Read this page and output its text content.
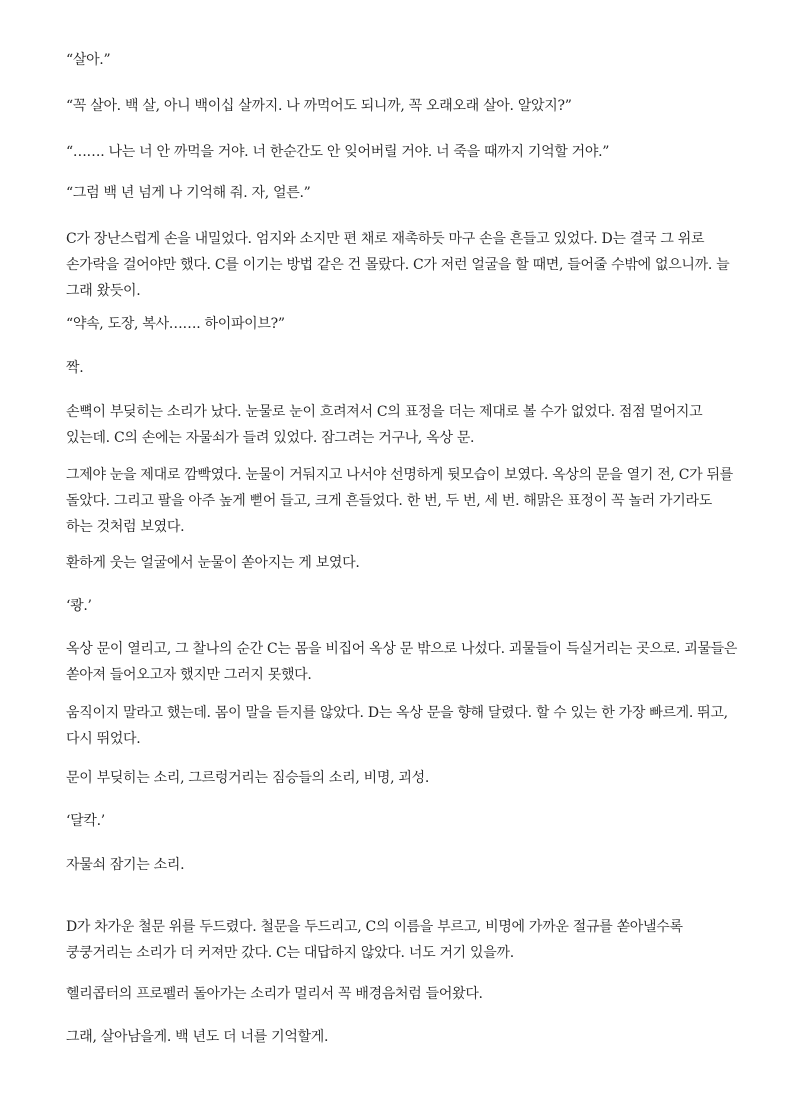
“살아.”

“꼭 살아. 백 살, 아니 백이십 살까지. 나 까먹어도 되니까, 꼭 오래오래 살아. 알았지?”

“……. 나는 너 안 까먹을 거야. 너 한순간도 안 잊어버릴 거야. 너 죽을 때까지 기억할 거야.”

“그럼 백 년 넘게 나 기억해 줘. 자, 얼른.”

C가 장난스럽게 손을 내밀었다. 엄지와 소지만 편 채로 재촉하듯 마구 손을 흔들고 있었다. D는 결국 그 위로 손가락을 걸어야만 했다. C를 이기는 방법 같은 건 몰랐다. C가 저런 얼굴을 할 때면, 들어줄 수밖에 없으니까. 늘 그래 왔듯이.

“약속, 도장, 복사……. 하이파이브?”

짝.

손뼉이 부딪히는 소리가 났다. 눈물로 눈이 흐려져서 C의 표정을 더는 제대로 볼 수가 없었다. 점점 멀어지고 있는데. C의 손에는 자물쇠가 들려 있었다. 잠그려는 거구나, 옥상 문.

그제야 눈을 제대로 깜빡였다. 눈물이 거둬지고 나서야 선명하게 뒷모습이 보였다. 옥상의 문을 열기 전, C가 뒤를 돌았다. 그리고 팔을 아주 높게 뻗어 들고, 크게 흔들었다. 한 번, 두 번, 세 번. 해맑은 표정이 꼭 놀러 가기라도 하는 것처럼 보였다.

환하게 웃는 얼굴에서 눈물이 쏟아지는 게 보였다.

‘쾅.’

옥상 문이 열리고, 그 찰나의 순간 C는 몸을 비집어 옥상 문 밖으로 나섰다. 괴물들이 득실거리는 곳으로. 괴물들은 쏟아져 들어오고자 했지만 그러지 못했다.

움직이지 말라고 했는데. 몸이 말을 듣지를 않았다. D는 옥상 문을 향해 달렸다. 할 수 있는 한 가장 빠르게. 뛰고, 다시 뛰었다.

문이 부딪히는 소리, 그르렁거리는 짐승들의 소리, 비명, 괴성.

‘달칵.’

자물쇠 잠기는 소리.

D가 차가운 철문 위를 두드렸다. 철문을 두드리고, C의 이름을 부르고, 비명에 가까운 절규를 쏟아낼수록 쿵쿵거리는 소리가 더 커져만 갔다. C는 대답하지 않았다. 너도 거기 있을까.

헬리콥터의 프로펠러 돌아가는 소리가 멀리서 꼭 배경음처럼 들어왔다.

그래, 살아남을게. 백 년도 더 너를 기억할게.
